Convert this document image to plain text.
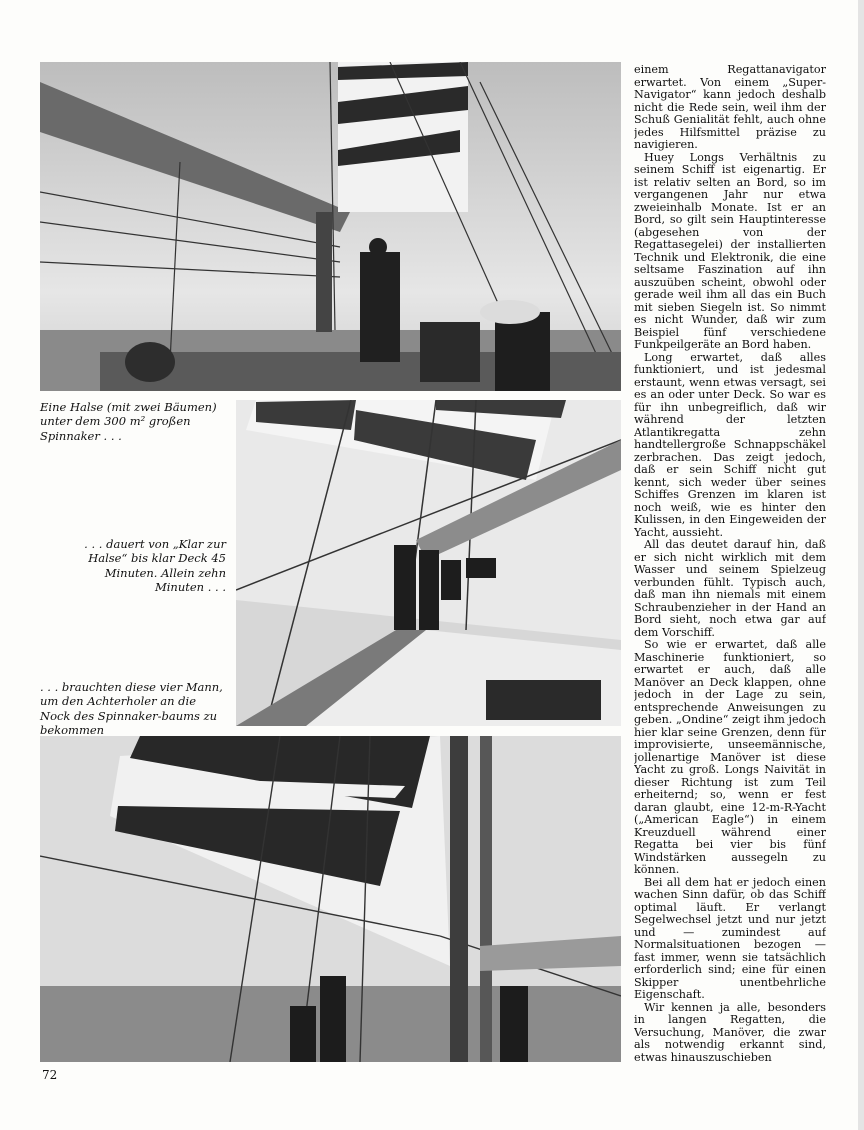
Eine Halse (mit zwei Bäumen) unter dem 300 m² großen Spinnaker . . .

. . . dauert von „Klar zur Halse“ bis klar Deck 45 Minuten. Allein zehn Minuten . . .

. . . brauchten diese vier Mann, um den Achterholer an die Nock des Spinnaker-baums zu bekommen

einem Regattanavigator erwartet. Von einem „Super-Navigator“ kann jedoch deshalb nicht die Rede sein, weil ihm der Schuß Genialität fehlt, auch ohne jedes Hilfsmittel präzise zu navigieren.

Huey Longs Verhältnis zu seinem Schiff ist eigenartig. Er ist relativ selten an Bord, so im vergangenen Jahr nur etwa zweieinhalb Monate. Ist er an Bord, so gilt sein Hauptinteresse (abgesehen von der Regattasegelei) der installierten Technik und Elektronik, die eine seltsame Faszination auf ihn auszuüben scheint, obwohl oder gerade weil ihm all das ein Buch mit sieben Siegeln ist. So nimmt es nicht Wunder, daß wir zum Beispiel fünf verschiedene Funkpeilgeräte an Bord haben.

Long erwartet, daß alles funktioniert, und ist jedesmal erstaunt, wenn etwas versagt, sei es an oder unter Deck. So war es für ihn unbegreiflich, daß wir während der letzten Atlantikregatta zehn handtellergroße Schnappschäkel zerbrachen. Das zeigt jedoch, daß er sein Schiff nicht gut kennt, sich weder über seines Schiffes Grenzen im klaren ist noch weiß, wie es hinter den Kulissen, in den Eingeweiden der Yacht, aussieht.

All das deutet darauf hin, daß er sich nicht wirklich mit dem Wasser und seinem Spielzeug verbunden fühlt. Typisch auch, daß man ihn niemals mit einem Schraubenzieher in der Hand an Bord sieht, noch etwa gar auf dem Vorschiff.

So wie er erwartet, daß alle Maschinerie funktioniert, so erwartet er auch, daß alle Manöver an Deck klappen, ohne jedoch in der Lage zu sein, entsprechende Anweisungen zu geben. „Ondine“ zeigt ihm jedoch hier klar seine Grenzen, denn für improvisierte, unseemännische, jollenartige Manöver ist diese Yacht zu groß. Longs Naivität in dieser Richtung ist zum Teil erheiternd; so, wenn er fest daran glaubt, eine 12-m-R-Yacht („American Eagle“) in einem Kreuzduell während einer Regatta bei vier bis fünf Windstärken aussegeln zu können.

Bei all dem hat er jedoch einen wachen Sinn dafür, ob das Schiff optimal läuft. Er verlangt Segelwechsel jetzt und nur jetzt und — zumindest auf Normalsituationen bezogen — fast immer, wenn sie tatsächlich erforderlich sind; eine für einen Skipper unentbehrliche Eigenschaft.

Wir kennen ja alle, besonders in langen Regatten, die Versuchung, Manöver, die zwar als notwendig erkannt sind, etwas hinauszuschieben

72
